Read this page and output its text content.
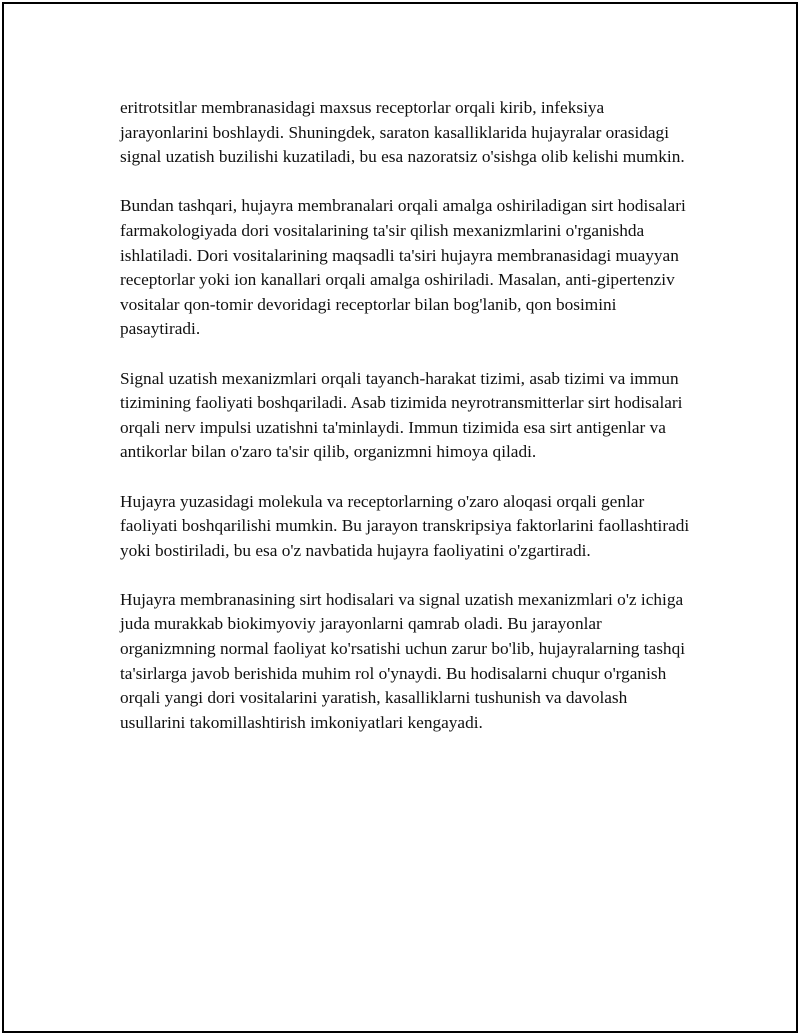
eritrotsitlar membranasidagi maxsus receptorlar orqali kirib, infeksiya jarayonlarini boshlaydi. Shuningdek, saraton kasalliklarida hujayralar orasidagi signal uzatish buzilishi kuzatiladi, bu esa nazoratsiz o'sishga olib kelishi mumkin.

Bundan tashqari, hujayra membranalari orqali amalga oshiriladigan sirt hodisalari farmakologiyada dori vositalarining ta'sir qilish mexanizmlarini o'rganishda ishlatiladi. Dori vositalarining maqsadli ta'siri hujayra membranasidagi muayyan receptorlar yoki ion kanallari orqali amalga oshiriladi. Masalan, anti-gipertenziv vositalar qon-tomir devoridagi receptorlar bilan bog'lanib, qon bosimini pasaytiradi.

Signal uzatish mexanizmlari orqali tayanch-harakat tizimi, asab tizimi va immun tizimining faoliyati boshqariladi. Asab tizimida neyrotransmitterlar sirt hodisalari orqali nerv impulsi uzatishni ta'minlaydi. Immun tizimida esa sirt antigenlar va antikorlar bilan o'zaro ta'sir qilib, organizmni himoya qiladi.

Hujayra yuzasidagi molekula va receptorlarning o'zaro aloqasi orqali genlar faoliyati boshqarilishi mumkin. Bu jarayon transkripsiya faktorlarini faollashtiradi yoki bostiriladi, bu esa o'z navbatida hujayra faoliyatini o'zgartiradi.

Hujayra membranasining sirt hodisalari va signal uzatish mexanizmlari o'z ichiga juda murakkab biokimyoviy jarayonlarni qamrab oladi. Bu jarayonlar organizmning normal faoliyat ko'rsatishi uchun zarur bo'lib, hujayralarning tashqi ta'sirlarga javob berishida muhim rol o'ynaydi. Bu hodisalarni chuqur o'rganish orqali yangi dori vositalarini yaratish, kasalliklarni tushunish va davolash usullarini takomillashtirish imkoniyatlari kengayadi.
